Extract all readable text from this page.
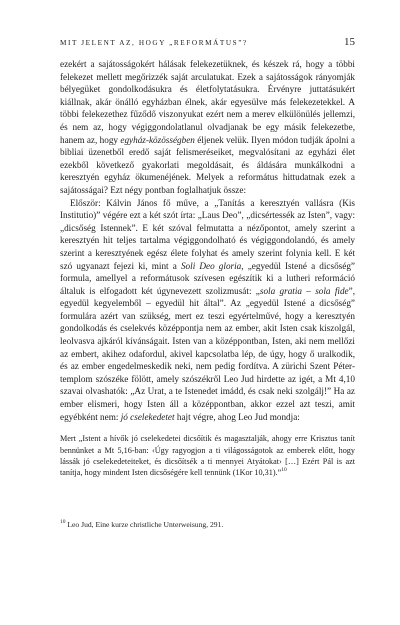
MIT JELENT AZ, HOGY „REFORMÁTUS”?	15

ezekért a sajátosságokért hálásak felekezetüknek, és készek rá, hogy a többi felekezet mellett megőrizzék saját arculatukat. Ezek a sajátosságok rányomják bélyegüket gondolkodásukra és életfolytatásukra. Érvényre juttatásukért kiállnak, akár önálló egyházban élnek, akár egyesülve más felekezetekkel. A többi felekezethez fűződő viszonyukat ezért nem a merev elkülönülés jellemzi, és nem az, hogy végiggondolatlanul olvadjanak be egy másik felekezetbe, hanem az, hogy egyház-közösségben éljenek velük. Ilyen módon tudják ápolni a bibliai üzenetből eredő saját felismeréseiket, megvalósítani az egyházi élet ezekből következő gyakorlati megoldásait, és áldására munkálkodni a keresztyén egyház ökumenéjének. Melyek a református hittudatnak ezek a sajátosságai? Ezt négy pontban foglalhatjuk össze:

Először: Kálvin János fő műve, a „Tanítás a keresztyén vallásra (Kis Institutio)” végére ezt a két szót írta: „Laus Deo”, „dicsértessék az Isten”, vagy: „dicsőség Istennek”. E két szóval felmutatta a nézőpontot, amely szerint a keresztyén hit teljes tartalma végiggondolható és végiggondolandó, és amely szerint a keresztyének egész élete folyhat és amely szerint folynia kell. E két szó ugyanazt fejezi ki, mint a Soli Deo gloria, „egyedül Istené a dicsőség” formula, amellyel a reformátusok szívesen egészítik ki a lutheri reformáció általuk is elfogadott két úgynevezett szolizmusát: „sola gratia – sola fide”, egyedül kegyelemből – egyedül hit által”. Az „egyedül Istené a dicsőség” formulára azért van szükség, mert ez teszi egyértelművé, hogy a keresztyén gondolkodás és cselekvés középpontja nem az ember, akit Isten csak kiszolgál, leolvasva ajkáról kívánságait. Isten van a középpontban, Isten, aki nem mellőzi az embert, akihez odafordul, akivel kapcsolatba lép, de úgy, hogy ő uralkodik, és az ember engedelmeskedik neki, nem pedig fordítva. A zürichi Szent Péter-templom szószéke fölött, amely szószékről Leo Jud hirdette az igét, a Mt 4,10 szavai olvashatók: „Az Urat, a te Istenedet imádd, és csak neki szolgálj!” Ha az ember elismeri, hogy Isten áll a középpontban, akkor ezzel azt teszi, amit egyébként nem: jó cselekedetet hajt végre, ahog Leo Jud mondja:

Mert „Istent a hívők jó cselekedetei dicsőítik és magasztalják, ahogy erre Krisztus tanít bennünket a Mt 5,16-ban: ‹Úgy ragyogjon a ti világosságotok az emberek előtt, hogy lássák jó cselekedeteiteket, és dicsőítsék a ti mennyei Atyátokat› […] Ezért Pál is azt tanítja, hogy mindent Isten dicsőségére kell tennünk (1Kor 10,31).”$^{10}$
$^{10}$ Leo Jud, Eine kurze christliche Unterweisung, 291.
